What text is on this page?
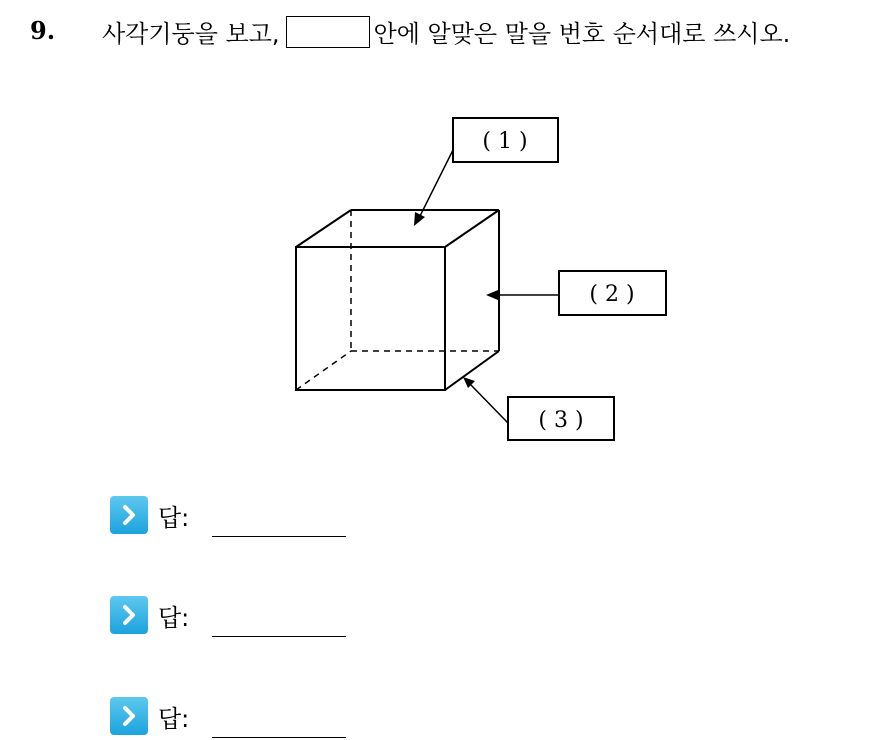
9. 사각기둥을 보고,	안에 알맞은 말을 번호 순서대로 쓰시오.
( 1 )
( 2 )
( 3 )
답:
답:
답:
